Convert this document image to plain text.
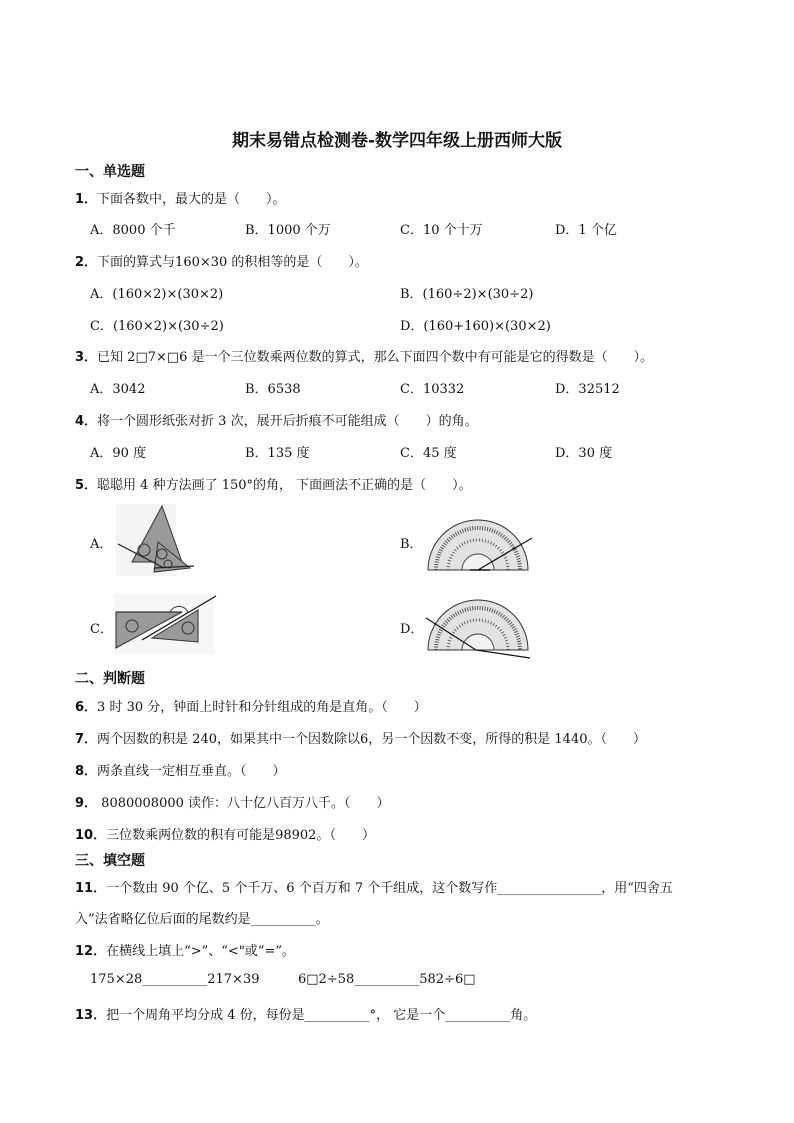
期末易错点检测卷-数学四年级上册西师大版
一、单选题
1．下面各数中，最大的是（　　）。
A．8000 个千	B．1000 个万	C．10 个十万	D．1 个亿
2．下面的算式与160×30 的积相等的是（　　）。
A．(160×2)×(30×2)	B．(160÷2)×(30÷2)
C．(160×2)×(30÷2)	D．(160+160)×(30×2)
3．已知 2□7×□6 是一个三位数乘两位数的算式，那么下面四个数中有可能是它的得数是（　　）。
A．3042	B．6538	C．10332	D．32512
4．将一个圆形纸张对折 3 次，展开后折痕不可能组成（　　）的角。
A．90 度	B．135 度	C．45 度	D．30 度
5．聪聪用 4 种方法画了 150°的角， 下面画法不正确的是（　　）。
A．	B．
C．	D．
二、判断题
6．3 时 30 分，钟面上时针和分针组成的角是直角。（　　）
7．两个因数的积是 240，如果其中一个因数除以6，另一个因数不变，所得的积是 1440。（　　）
8．两条直线一定相互垂直。（　　）
9． 8080008000 读作：八十亿八百万八千。（　　）
10．三位数乘两位数的积有可能是98902。（　　）
三、填空题
11．一个数由 90 个亿、5 个千万、6 个百万和 7 个千组成，这个数写作________________，用“四舍五
入”法省略亿位后面的尾数约是__________。
12．在横线上填上“>”、“<"或“=”。
175×28__________217×39	6□2÷58__________582÷6□
13．把一个周角平均分成 4 份，每份是__________°， 它是一个__________角。
